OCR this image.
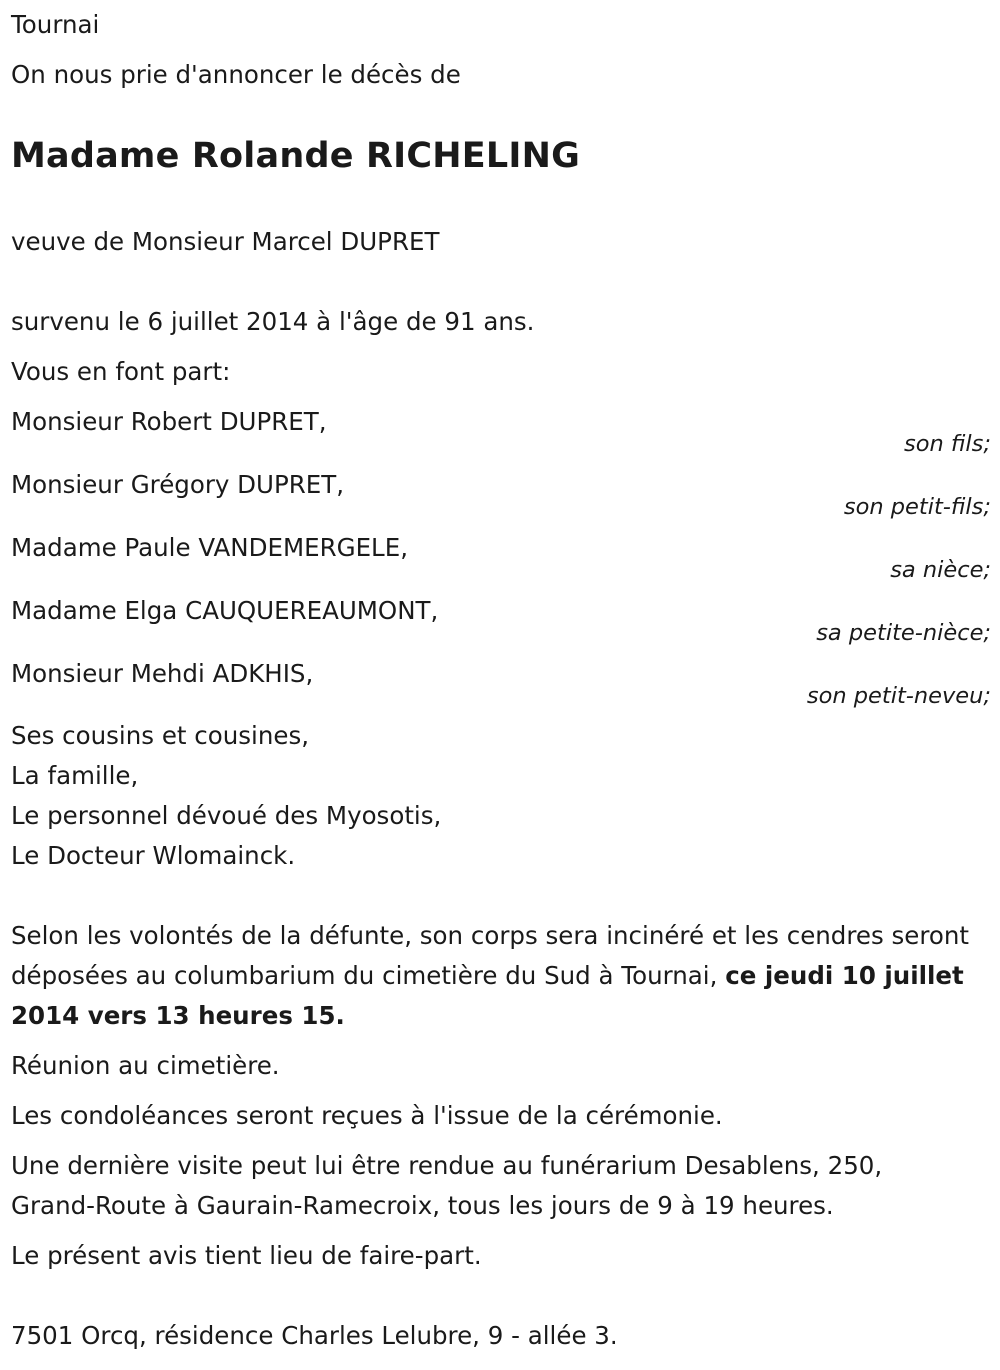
Tournai

On nous prie d'annoncer le décès de

Madame Rolande RICHELING

veuve de Monsieur Marcel DUPRET

survenu le 6 juillet 2014 à l'âge de 91 ans.

Vous en font part:

Monsieur Robert DUPRET,
son fils;
Monsieur Grégory DUPRET,
son petit-fils;
Madame Paule VANDEMERGELE,
sa nièce;
Madame Elga CAUQUEREAUMONT,
sa petite-nièce;
Monsieur Mehdi ADKHIS,
son petit-neveu;

Ses cousins et cousines,

La famille,

Le personnel dévoué des Myosotis,

Le Docteur Wlomainck.

Selon les volontés de la défunte, son corps sera incinéré et les cendres seront déposées au columbarium du cimetière du Sud à Tournai, ce jeudi 10 juillet 2014 vers 13 heures 15.

Réunion au cimetière.

Les condoléances seront reçues à l'issue de la cérémonie.

Une dernière visite peut lui être rendue au funérarium Desablens, 250, Grand-Route à Gaurain-Ramecroix, tous les jours de 9 à 19 heures.

Le présent avis tient lieu de faire-part.

7501 Orcq, résidence Charles Lelubre, 9 - allée 3.
